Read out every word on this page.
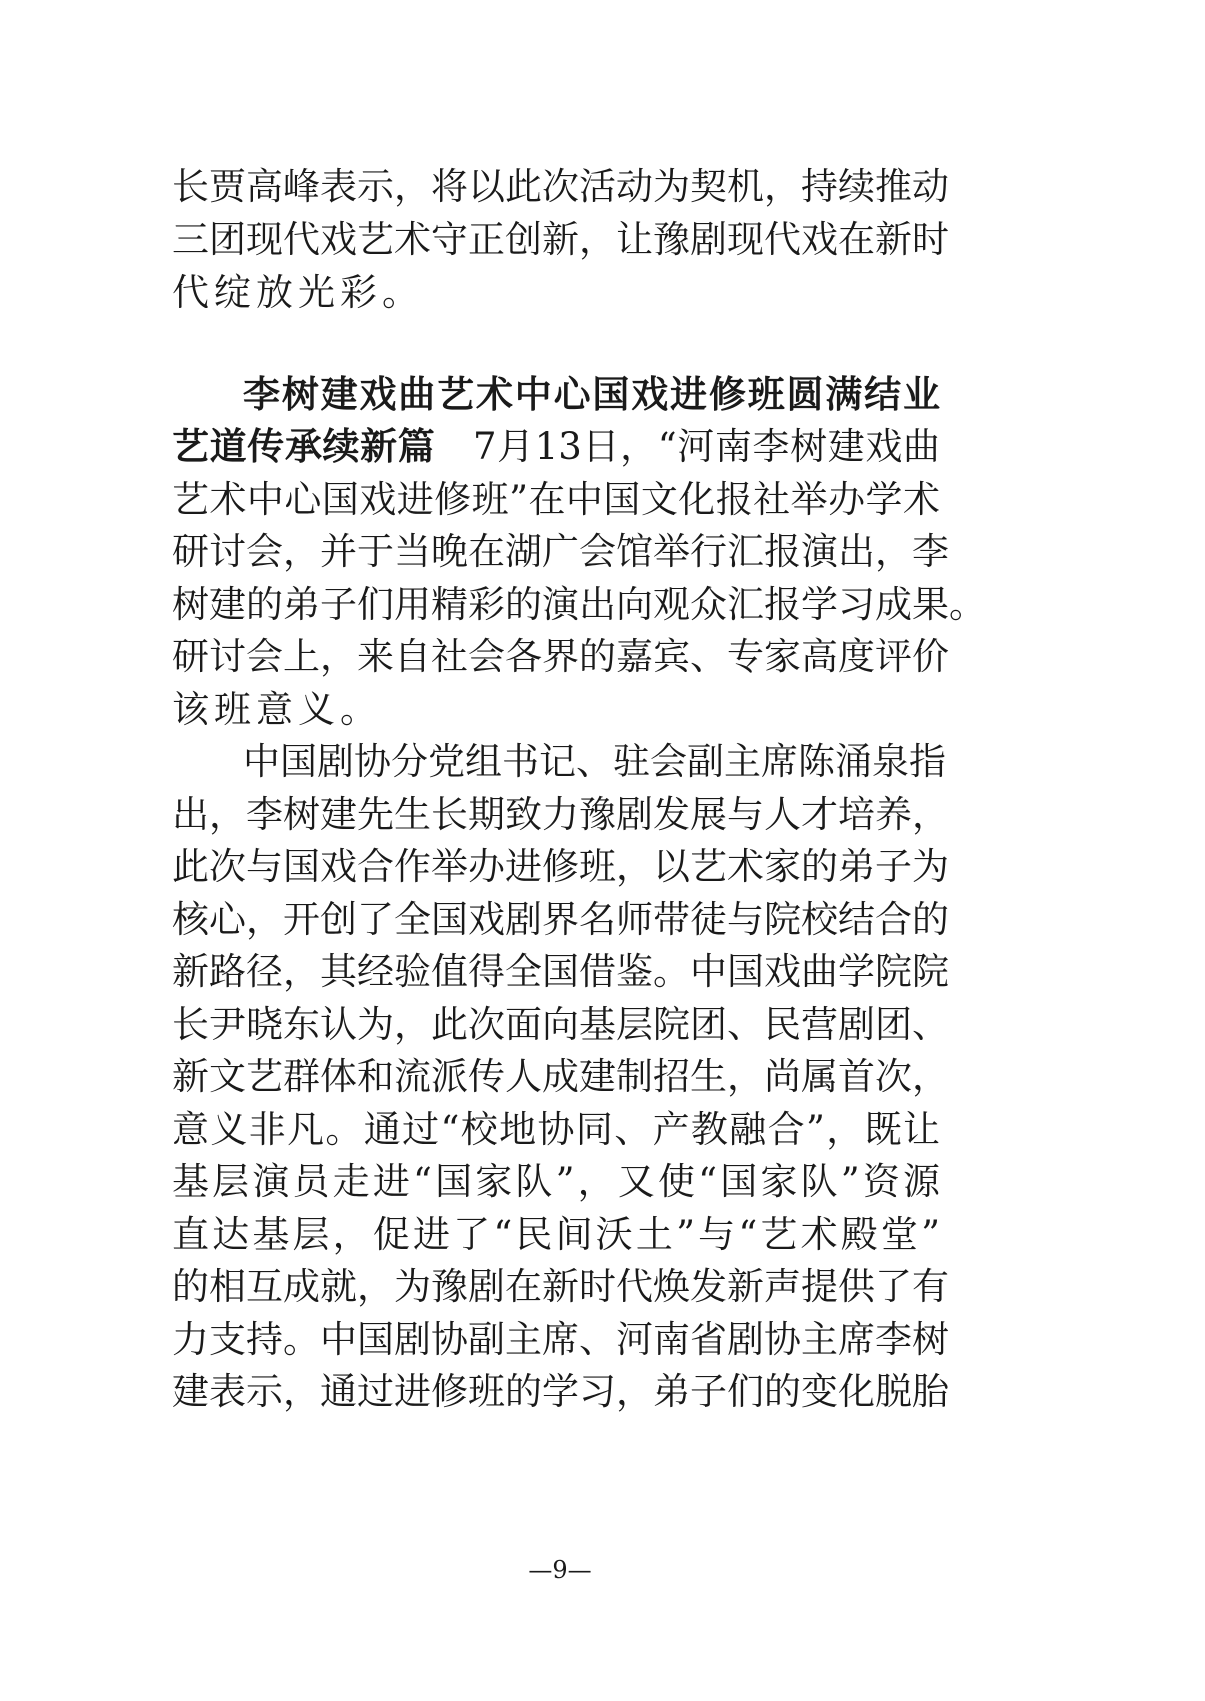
长贾高峰表示，将以此次活动为契机，持续推动
三团现代戏艺术守正创新，让豫剧现代戏在新时
代绽放光彩。
李树建戏曲艺术中心国戏进修班圆满结业
艺道传承续新篇　7月13日，“河南李树建戏曲
艺术中心国戏进修班”在中国文化报社举办学术
研讨会，并于当晚在湖广会馆举行汇报演出，李
树建的弟子们用精彩的演出向观众汇报学习成果。
研讨会上，来自社会各界的嘉宾、专家高度评价
该班意义。
中国剧协分党组书记、驻会副主席陈涌泉指
出，李树建先生长期致力豫剧发展与人才培养，
此次与国戏合作举办进修班，以艺术家的弟子为
核心，开创了全国戏剧界名师带徒与院校结合的
新路径，其经验值得全国借鉴。中国戏曲学院院
长尹晓东认为，此次面向基层院团、民营剧团、
新文艺群体和流派传人成建制招生，尚属首次，
意义非凡。通过“校地协同、产教融合”，既让
基层演员走进“国家队”，又使“国家队”资源
直达基层，促进了“民间沃土”与“艺术殿堂”
的相互成就，为豫剧在新时代焕发新声提供了有
力支持。中国剧协副主席、河南省剧协主席李树
建表示，通过进修班的学习，弟子们的变化脱胎
—9—
